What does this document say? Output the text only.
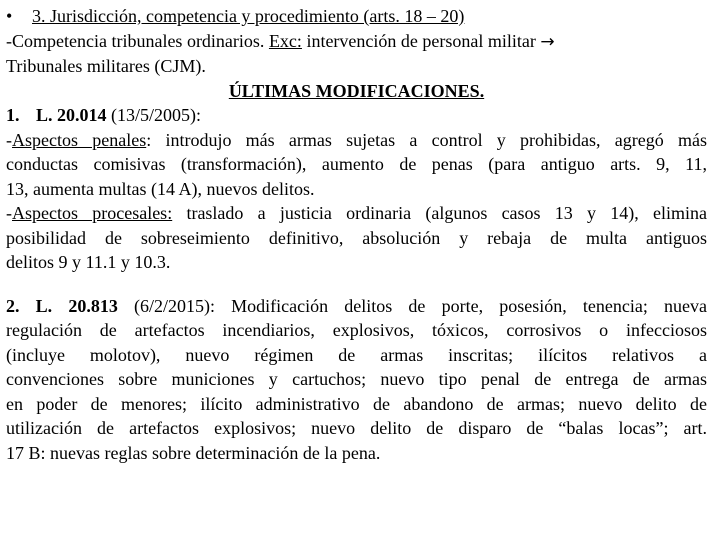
• 3. Jurisdicción, competencia y procedimiento (arts. 18 – 20)
-Competencia tribunales ordinarios. Exc: intervención de personal militar →
Tribunales militares (CJM).
ÚLTIMAS MODIFICACIONES.
1. L. 20.014 (13/5/2005):
-Aspectos penales: introdujo más armas sujetas a control y prohibidas, agregó más
conductas comisivas (transformación), aumento de penas (para antiguo arts. 9, 11,
13, aumenta multas (14 A), nuevos delitos.
-Aspectos procesales: traslado a justicia ordinaria (algunos casos 13 y 14), elimina
posibilidad de sobreseimiento definitivo, absolución y rebaja de multa antiguos
delitos 9 y 11.1 y 10.3.
2. L. 20.813 (6/2/2015): Modificación delitos de porte, posesión, tenencia; nueva
regulación de artefactos incendiarios, explosivos, tóxicos, corrosivos o infecciosos
(incluye molotov), nuevo régimen de armas inscritas; ilícitos relativos a
convenciones sobre municiones y cartuchos; nuevo tipo penal de entrega de armas
en poder de menores; ilícito administrativo de abandono de armas; nuevo delito de
utilización de artefactos explosivos; nuevo delito de disparo de “balas locas”; art.
17 B: nuevas reglas sobre determinación de la pena.
